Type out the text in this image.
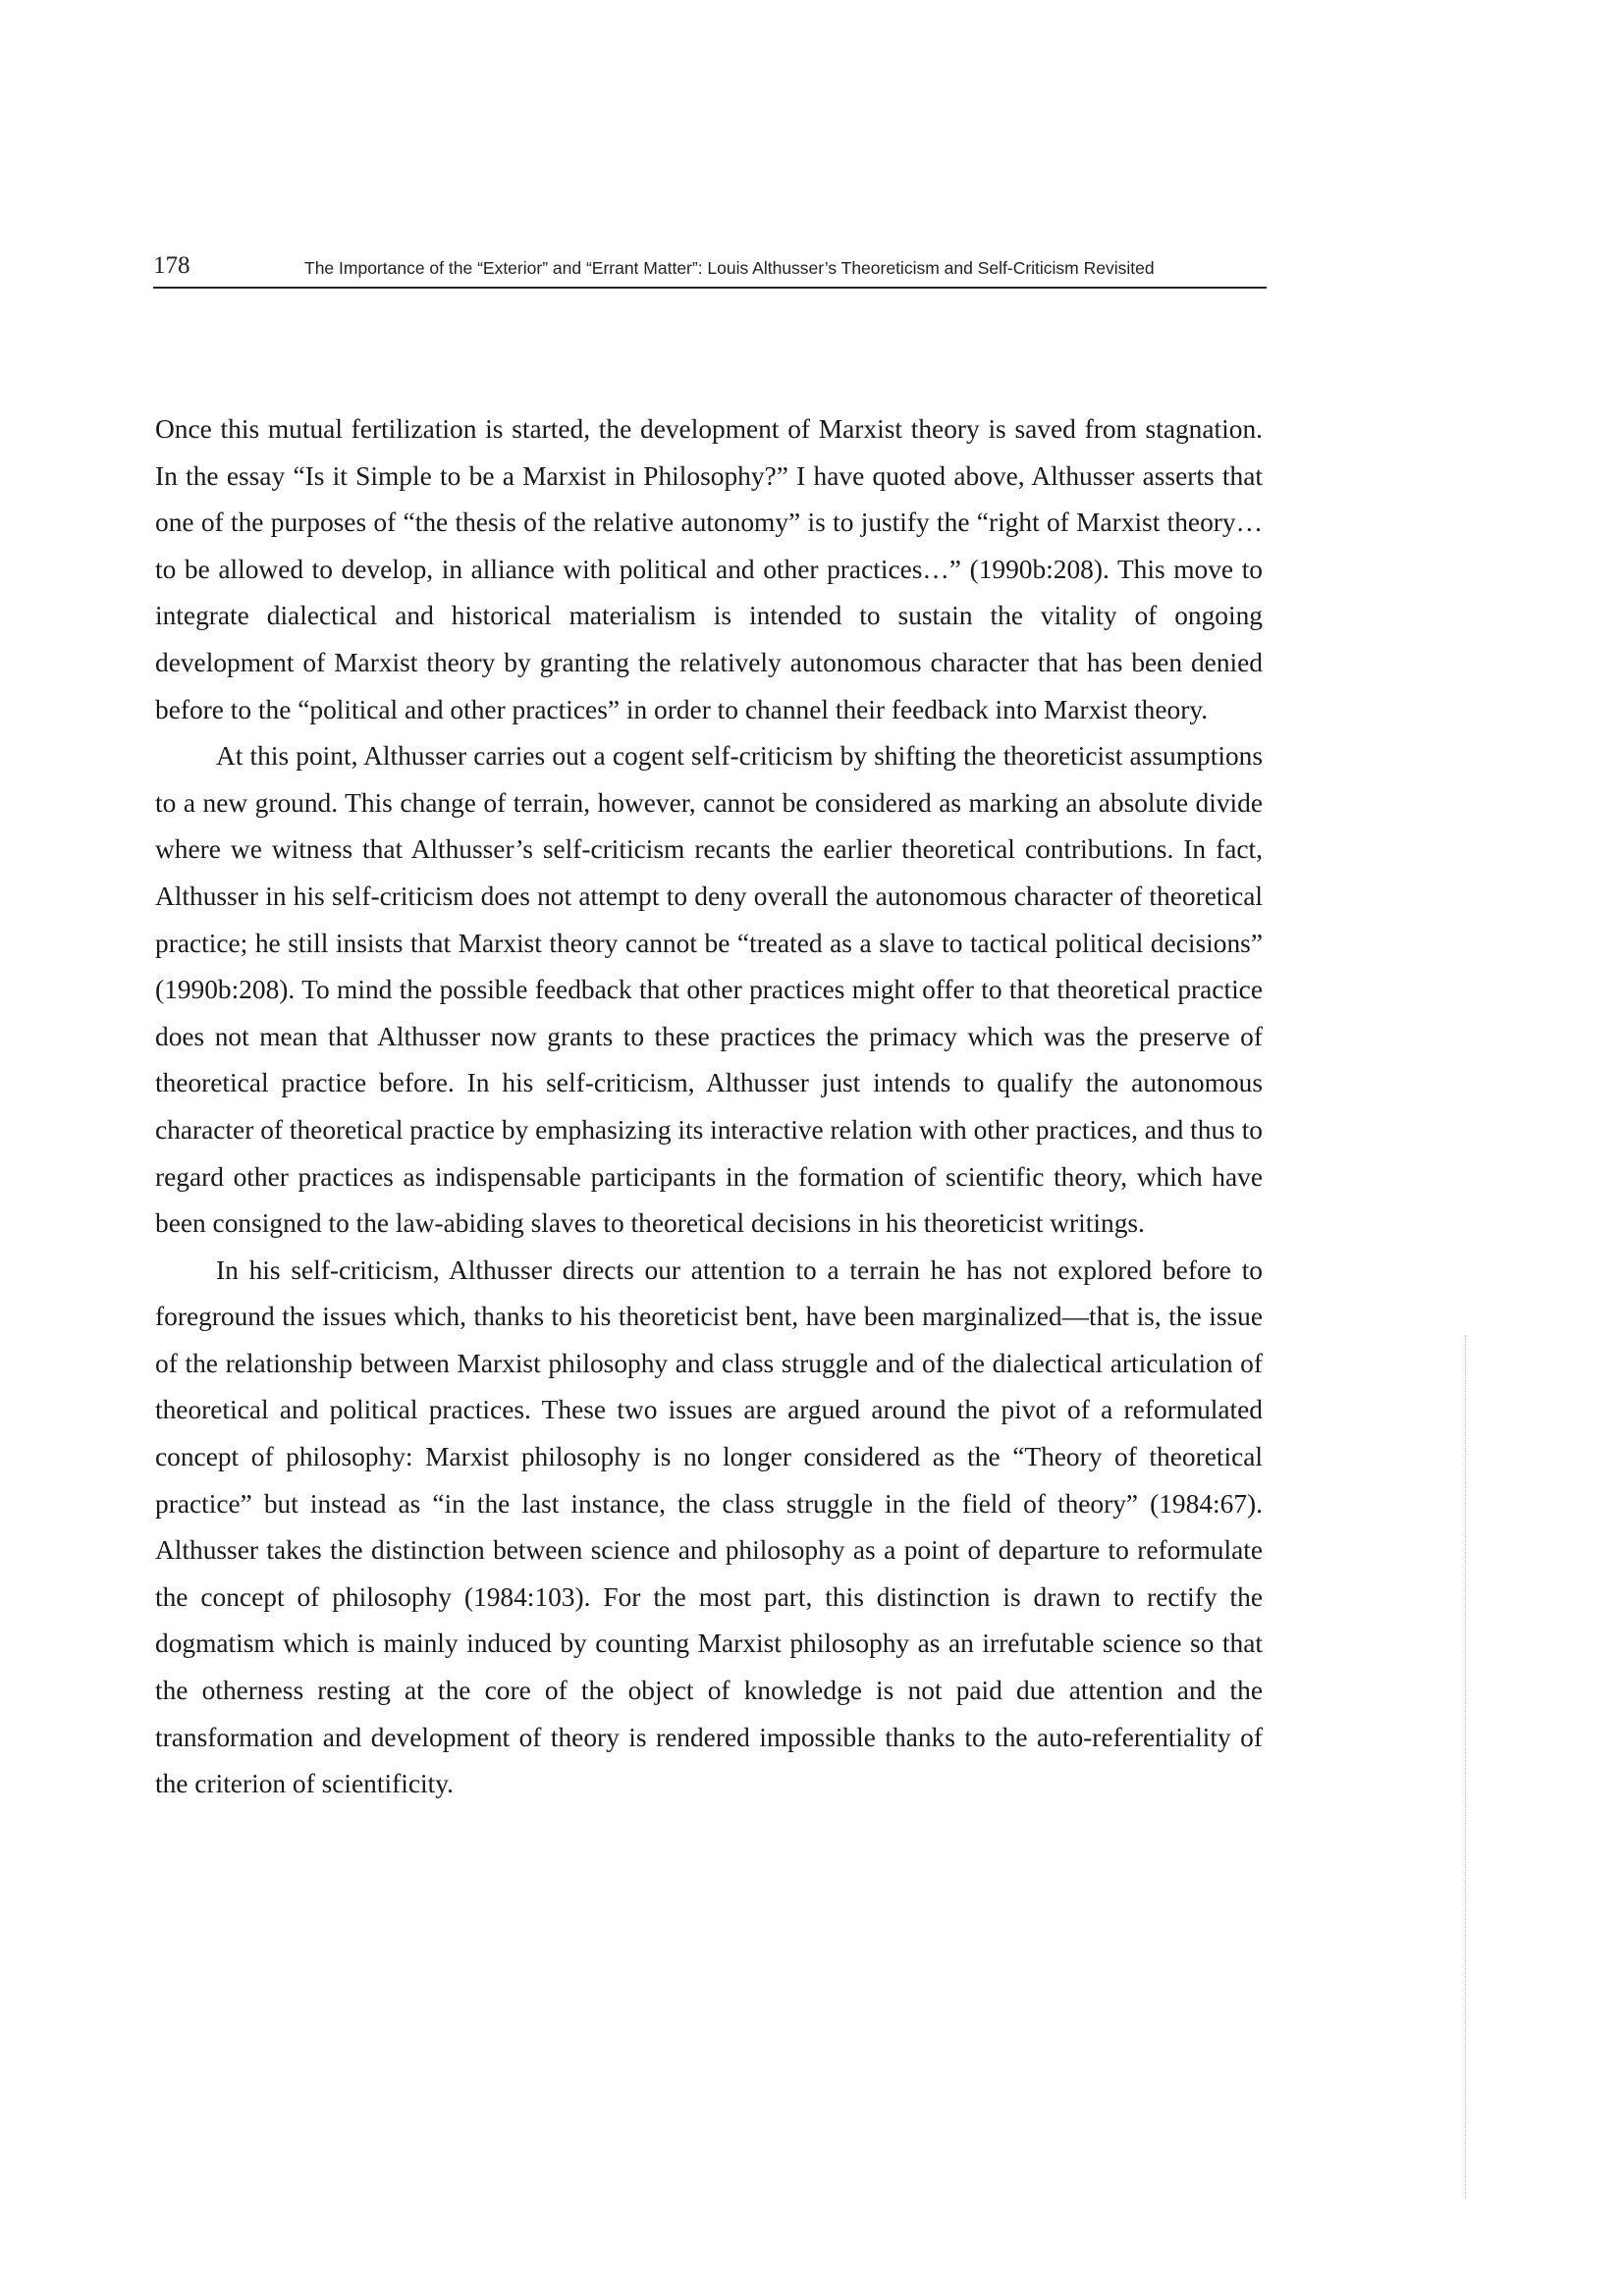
178	The Importance of the “Exterior” and “Errant Matter”: Louis Althusser’s Theoreticism and Self-Criticism Revisited

Once this mutual fertilization is started, the development of Marxist theory is saved from stagnation. In the essay “Is it Simple to be a Marxist in Philosophy?” I have quoted above, Althusser asserts that one of the purposes of “the thesis of the relative autonomy” is to justify the “right of Marxist theory… to be allowed to develop, in alliance with political and other practices…” (1990b:208). This move to integrate dialectical and historical materialism is intended to sustain the vitality of ongoing development of Marxist theory by granting the relatively autonomous character that has been denied before to the “political and other practices” in order to channel their feedback into Marxist theory.

At this point, Althusser carries out a cogent self-criticism by shifting the theoreticist assumptions to a new ground. This change of terrain, however, cannot be considered as marking an absolute divide where we witness that Althusser’s self-criticism recants the earlier theoretical contributions. In fact, Althusser in his self-criticism does not attempt to deny overall the autonomous character of theoretical practice; he still insists that Marxist theory cannot be “treated as a slave to tactical political decisions” (1990b:208). To mind the possible feedback that other practices might offer to that theoretical practice does not mean that Althusser now grants to these practices the primacy which was the preserve of theoretical practice before. In his self-criticism, Althusser just intends to qualify the autonomous character of theoretical practice by emphasizing its interactive relation with other practices, and thus to regard other practices as indispensable participants in the formation of scientific theory, which have been consigned to the law-abiding slaves to theoretical decisions in his theoreticist writings.

In his self-criticism, Althusser directs our attention to a terrain he has not explored before to foreground the issues which, thanks to his theoreticist bent, have been marginalized—that is, the issue of the relationship between Marxist philosophy and class struggle and of the dialectical articulation of theoretical and political practices. These two issues are argued around the pivot of a reformulated concept of philosophy: Marxist philosophy is no longer considered as the “Theory of theoretical practice” but instead as “in the last instance, the class struggle in the field of theory” (1984:67). Althusser takes the distinction between science and philosophy as a point of departure to reformulate the concept of philosophy (1984:103). For the most part, this distinction is drawn to rectify the dogmatism which is mainly induced by counting Marxist philosophy as an irrefutable science so that the otherness resting at the core of the object of knowledge is not paid due attention and the transformation and development of theory is rendered impossible thanks to the auto-referentiality of the criterion of scientificity.
